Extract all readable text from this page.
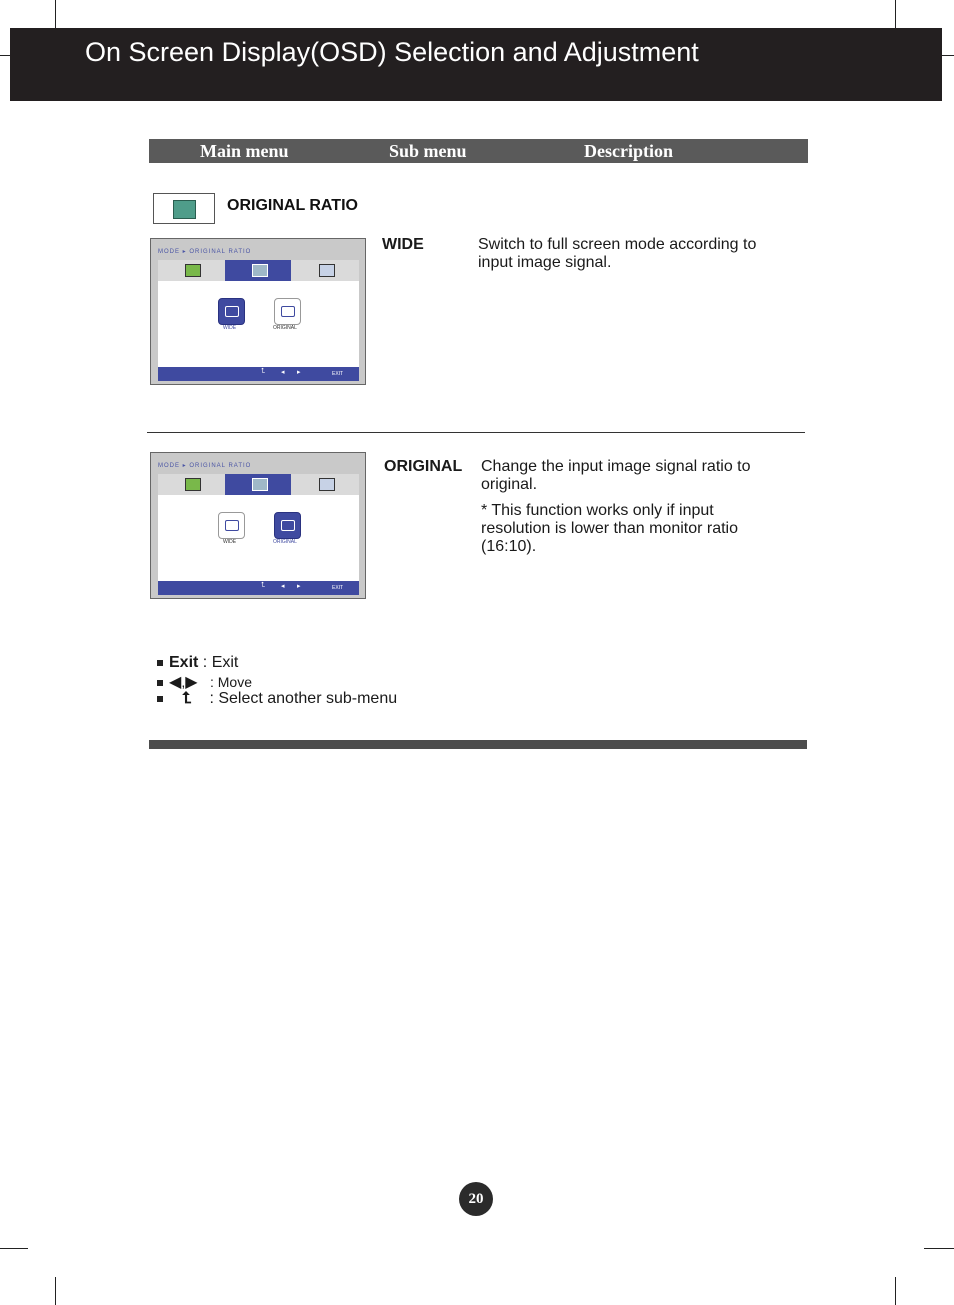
On Screen Display(OSD) Selection and Adjustment
Main menu	Sub menu	Description
ORIGINAL RATIO
MODE ▸ ORIGINAL RATIO
WIDE	ORIGINAL
⮤ ◂ ▸	EXIT
WIDE	Switch to full screen mode according to input image signal.
MODE ▸ ORIGINAL RATIO
WIDE	ORIGINAL
⮤ ◂ ▸	EXIT
ORIGINAL Change the input image signal ratio to original.
* This function works only if input resolution is lower than monitor ratio (16:10).
Exit : Exit
◀,▶ : Move
⮤ : Select another sub-menu
20
